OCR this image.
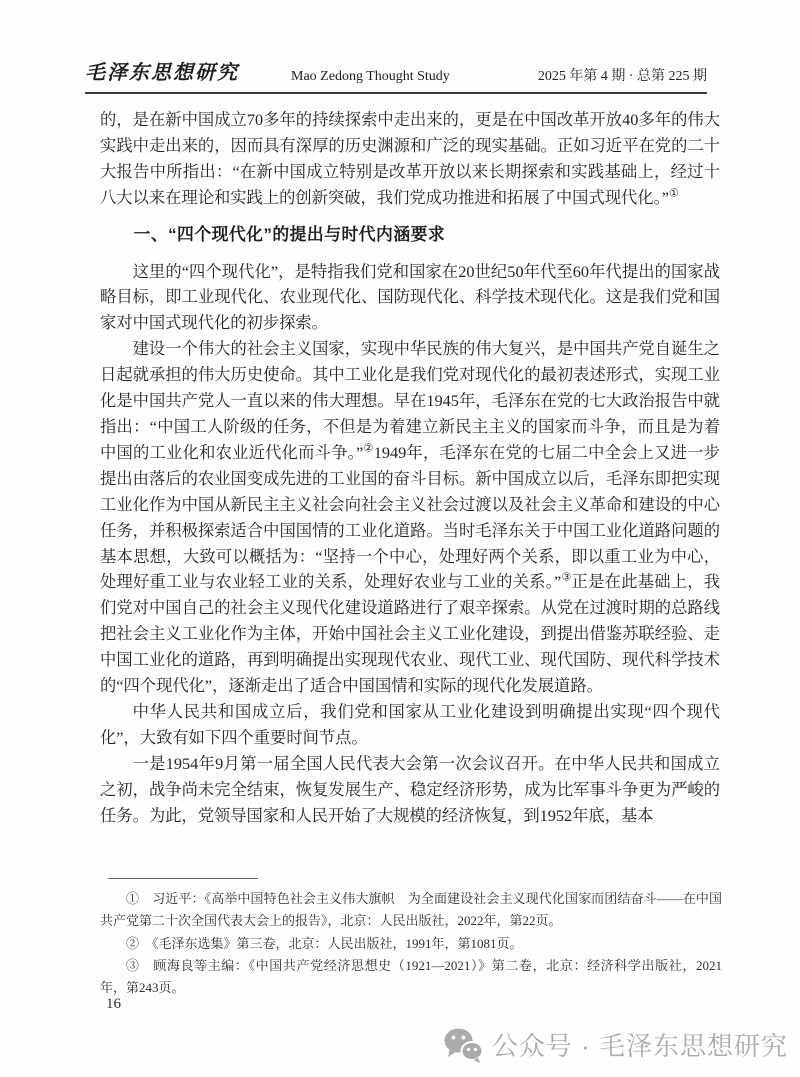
毛泽东思想研究	Mao Zedong Thought Study	2025 年第 4 期 · 总第 225 期

的，是在新中国成立70多年的持续探索中走出来的，更是在中国改革开放40多年的伟大实践中走出来的，因而具有深厚的历史渊源和广泛的现实基础。正如习近平在党的二十大报告中所指出：“在新中国成立特别是改革开放以来长期探索和实践基础上，经过十八大以来在理论和实践上的创新突破，我们党成功推进和拓展了中国式现代化。”①

一、“四个现代化”的提出与时代内涵要求

这里的“四个现代化”，是特指我们党和国家在20世纪50年代至60年代提出的国家战略目标，即工业现代化、农业现代化、国防现代化、科学技术现代化。这是我们党和国家对中国式现代化的初步探索。

建设一个伟大的社会主义国家，实现中华民族的伟大复兴，是中国共产党自诞生之日起就承担的伟大历史使命。其中工业化是我们党对现代化的最初表述形式，实现工业化是中国共产党人一直以来的伟大理想。早在1945年，毛泽东在党的七大政治报告中就指出：“中国工人阶级的任务，不但是为着建立新民主主义的国家而斗争，而且是为着中国的工业化和农业近代化而斗争。”②1949年，毛泽东在党的七届二中全会上又进一步提出由落后的农业国变成先进的工业国的奋斗目标。新中国成立以后，毛泽东即把实现工业化作为中国从新民主主义社会向社会主义社会过渡以及社会主义革命和建设的中心任务，并积极探索适合中国国情的工业化道路。当时毛泽东关于中国工业化道路问题的基本思想，大致可以概括为：“坚持一个中心，处理好两个关系，即以重工业为中心，处理好重工业与农业轻工业的关系，处理好农业与工业的关系。”③正是在此基础上，我们党对中国自己的社会主义现代化建设道路进行了艰辛探索。从党在过渡时期的总路线把社会主义工业化作为主体，开始中国社会主义工业化建设，到提出借鉴苏联经验、走中国工业化的道路，再到明确提出实现现代农业、现代工业、现代国防、现代科学技术的“四个现代化”，逐渐走出了适合中国国情和实际的现代化发展道路。

中华人民共和国成立后，我们党和国家从工业化建设到明确提出实现“四个现代化”，大致有如下四个重要时间节点。

一是1954年9月第一届全国人民代表大会第一次会议召开。在中华人民共和国成立之初，战争尚未完全结束，恢复发展生产、稳定经济形势，成为比军事斗争更为严峻的任务。为此，党领导国家和人民开始了大规模的经济恢复，到1952年底，基本

①　习近平：《高举中国特色社会主义伟大旗帜　为全面建设社会主义现代化国家而团结奋斗——在中国共产党第二十次全国代表大会上的报告》，北京：人民出版社，2022年，第22页。

②　《毛泽东选集》第三卷，北京：人民出版社，1991年，第1081页。

③　顾海良等主编：《中国共产党经济思想史（1921—2021）》第二卷，北京：经济科学出版社，2021年，第243页。

16
公众号 · 毛泽东思想研究
